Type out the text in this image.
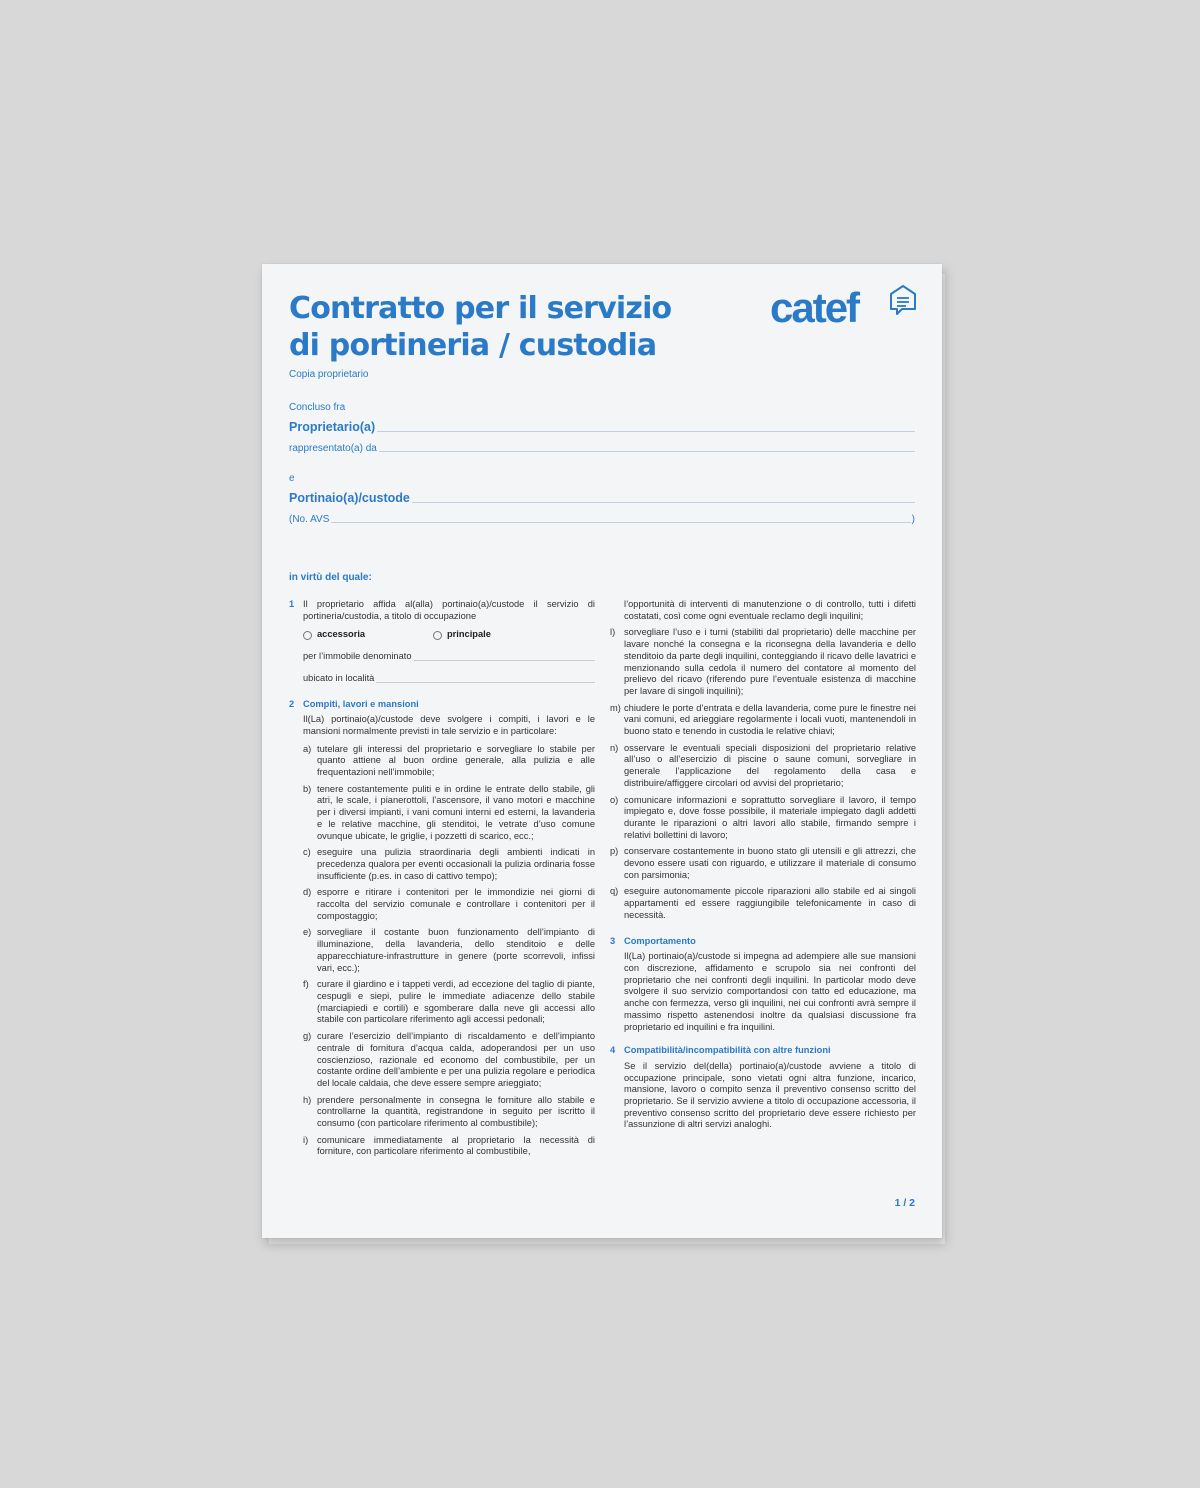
Contratto per il servizio
di portineria / custodia
Copia proprietario
catef
Concluso fra
Proprietario(a)
rappresentato(a) da
e
Portinaio(a)/custode
(No. AVS	)
in virtù del quale:
1 Il proprietario affida al(alla) portinaio(a)/custode il servizio di portineria/custodia, a titolo di occupazione
accessoria	principale
per l’immobile denominato
ubicato in località
2 Compiti, lavori e mansioni
Il(La) portinaio(a)/custode deve svolgere i compiti, i lavori e le mansioni normalmente previsti in tale servizio e in particolare:
a) tutelare gli interessi del proprietario e sorvegliare lo stabile per quanto attiene al buon ordine generale, alla pulizia e alle frequentazioni nell’immobile;
b) tenere costantemente puliti e in ordine le entrate dello stabile, gli atri, le scale, i pianerottoli, l’ascensore, il vano motori e macchine per i diversi impianti, i vani comuni interni ed esterni, la lavanderia e le relative macchine, gli stenditoi, le vetrate d’uso comune ovunque ubicate, le griglie, i pozzetti di scarico, ecc.;
c) eseguire una pulizia straordinaria degli ambienti indicati in precedenza qualora per eventi occasionali la pulizia ordinaria fosse insufficiente (p.es. in caso di cattivo tempo);
d) esporre e ritirare i contenitori per le immondizie nei giorni di raccolta del servizio comunale e controllare i contenitori per il compostaggio;
e) sorvegliare il costante buon funzionamento dell’impianto di illuminazione, della lavanderia, dello stenditoio e delle apparecchiature-infrastrutture in genere (porte scorrevoli, infissi vari, ecc.);
f) curare il giardino e i tappeti verdi, ad eccezione del taglio di piante, cespugli e siepi, pulire le immediate adiacenze dello stabile (marciapiedi e cortili) e sgomberare dalla neve gli accessi allo stabile con particolare riferimento agli accessi pedonali;
g) curare l’esercizio dell’impianto di riscaldamento e dell’impianto centrale di fornitura d’acqua calda, adoperandosi per un uso coscienzioso, razionale ed economo del combustibile, per un costante ordine dell’ambiente e per una pulizia regolare e periodica del locale caldaia, che deve essere sempre arieggiato;
h) prendere personalmente in consegna le forniture allo stabile e controllarne la quantità, registrandone in seguito per iscritto il consumo (con particolare riferimento al combustibile);
i) comunicare immediatamente al proprietario la necessità di forniture, con particolare riferimento al combustibile,
l’opportunità di interventi di manutenzione o di controllo, tutti i difetti costatati, così come ogni eventuale reclamo degli inquilini;
l) sorvegliare l’uso e i turni (stabiliti dal proprietario) delle macchine per lavare nonché la consegna e la riconsegna della lavanderia e dello stenditoio da parte degli inquilini, conteggiando il ricavo delle lavatrici e menzionando sulla cedola il numero del contatore al momento del prelievo del ricavo (riferendo pure l’eventuale esistenza di macchine per lavare di singoli inquilini);
m) chiudere le porte d’entrata e della lavanderia, come pure le finestre nei vani comuni, ed arieggiare regolarmente i locali vuoti, mantenendoli in buono stato e tenendo in custodia le relative chiavi;
n) osservare le eventuali speciali disposizioni del proprietario relative all’uso o all’esercizio di piscine o saune comuni, sorvegliare in generale l’applicazione del regolamento della casa e distribuire/affiggere circolari od avvisi del proprietario;
o) comunicare informazioni e soprattutto sorvegliare il lavoro, il tempo impiegato e, dove fosse possibile, il materiale impiegato dagli addetti durante le riparazioni o altri lavori allo stabile, firmando sempre i relativi bollettini di lavoro;
p) conservare costantemente in buono stato gli utensili e gli attrezzi, che devono essere usati con riguardo, e utilizzare il materiale di consumo con parsimonia;
q) eseguire autonomamente piccole riparazioni allo stabile ed ai singoli appartamenti ed essere raggiungibile telefonicamente in caso di necessità.
3 Comportamento
Il(La) portinaio(a)/custode si impegna ad adempiere alle sue mansioni con discrezione, affidamento e scrupolo sia nei confronti del proprietario che nei confronti degli inquilini. In particolar modo deve svolgere il suo servizio comportandosi con tatto ed educazione, ma anche con fermezza, verso gli inquilini, nei cui confronti avrà sempre il massimo rispetto astenendosi inoltre da qualsiasi discussione fra proprietario ed inquilini e fra inquilini.
4 Compatibilità/incompatibilità con altre funzioni
Se il servizio del(della) portinaio(a)/custode avviene a titolo di occupazione principale, sono vietati ogni altra funzione, incarico, mansione, lavoro o compito senza il preventivo consenso scritto del proprietario. Se il servizio avviene a titolo di occupazione accessoria, il preventivo consenso scritto del proprietario deve essere richiesto per l’assunzione di altri servizi analoghi.
1 / 2
